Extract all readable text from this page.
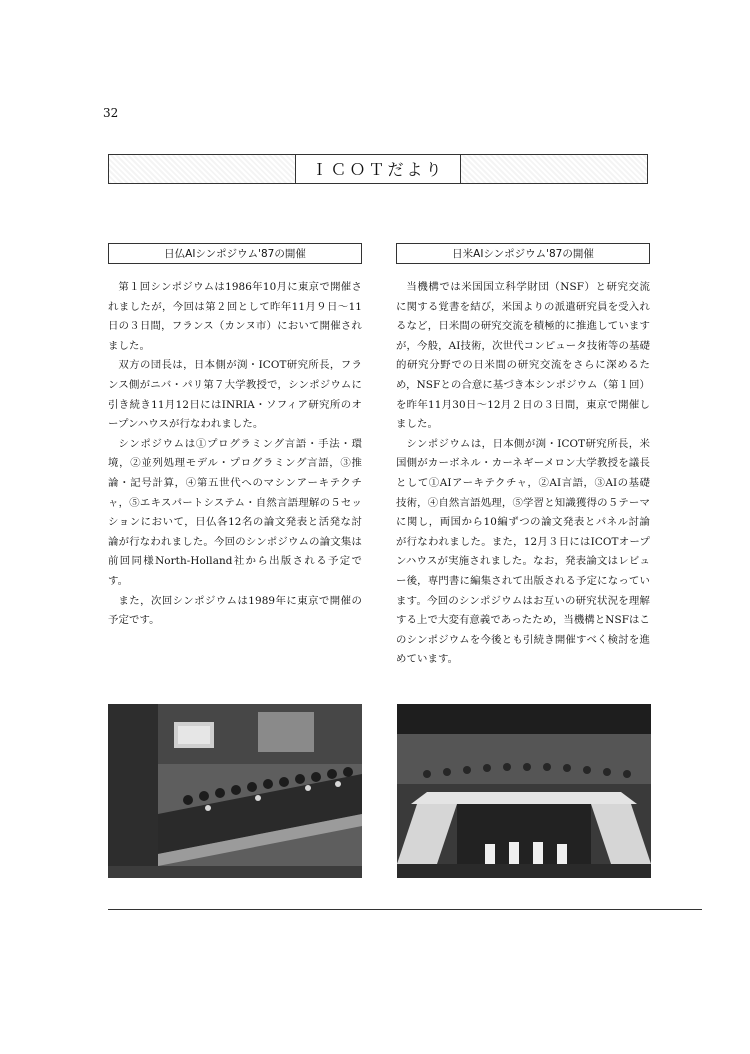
32
ＩＣＯＴだより
日仏AIシンポジウム'87の開催

第１回シンポジウムは1986年10月に東京で開催されましたが，今回は第２回として昨年11月９日～11日の３日間，フランス（カンヌ市）において開催されました。

双方の団長は，日本側が渕・ICOT研究所長，フランス側がニバ・パリ第７大学教授で，シンポジウムに引き続き11月12日にはINRIA・ソフィア研究所のオープンハウスが行なわれました。

シンポジウムは①プログラミング言語・手法・環境，②並列処理モデル・プログラミング言語，③推論・記号計算，④第五世代へのマシンアーキテクチャ，⑤エキスパートシステム・自然言語理解の５セッションにおいて，日仏各12名の論文発表と活発な討論が行なわれました。今回のシンポジウムの論文集は前回同様North-Holland社から出版される予定です。

また，次回シンポジウムは1989年に東京で開催の予定です。

日米AIシンポジウム'87の開催

当機構では米国国立科学財団（NSF）と研究交流に関する覚書を結び，米国よりの派遣研究員を受入れるなど，日米間の研究交流を積極的に推進していますが，今般，AI技術，次世代コンピュータ技術等の基礎的研究分野での日米間の研究交流をさらに深めるため，NSFとの合意に基づき本シンポジウム（第１回）を昨年11月30日～12月２日の３日間，東京で開催しました。

シンポジウムは，日本側が渕・ICOT研究所長，米国側がカーボネル・カーネギーメロン大学教授を議長として①AIアーキテクチャ，②AI言語，③AIの基礎技術，④自然言語処理，⑤学習と知識獲得の５テーマに関し，両国から10編ずつの論文発表とパネル討論が行なわれました。また，12月３日にはICOTオープンハウスが実施されました。なお，発表論文はレビュー後，専門書に編集されて出版される予定になっています。今回のシンポジウムはお互いの研究状況を理解する上で大変有意義であったため，当機構とNSFはこのシンポジウムを今後とも引続き開催すべく検討を進めています。
